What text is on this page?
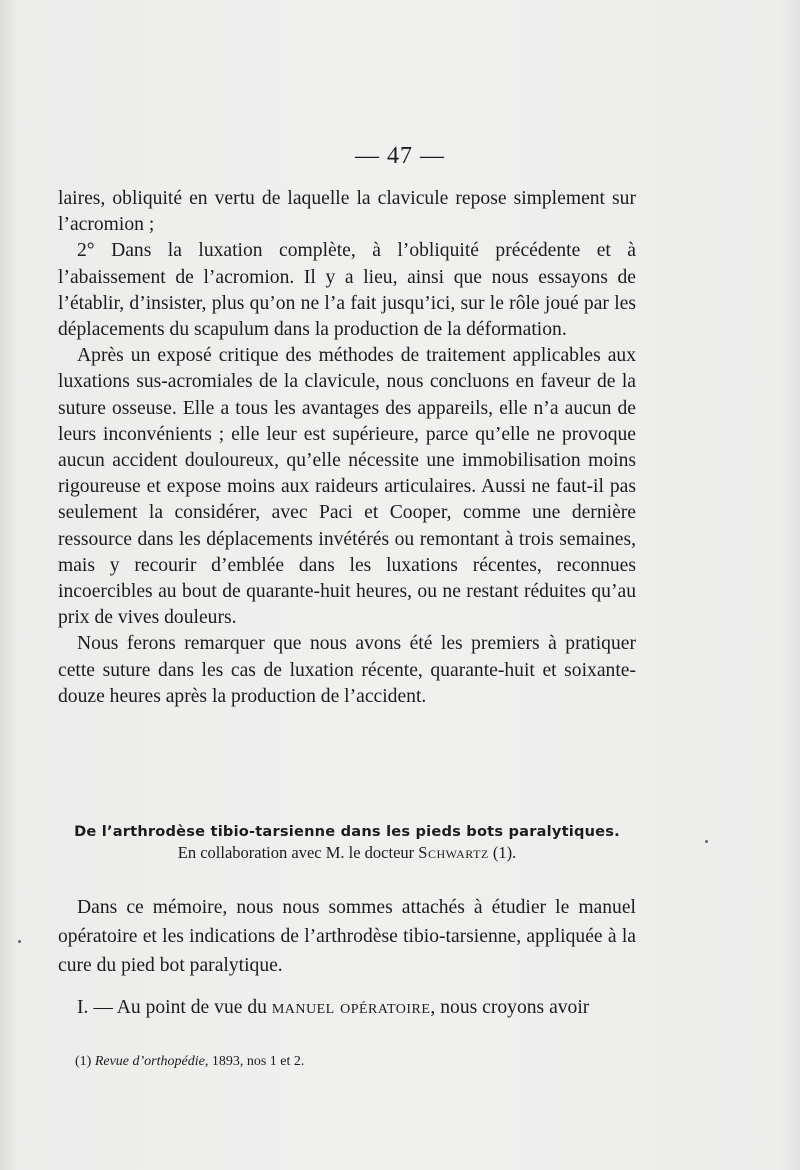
— 47 —

laires, obliquité en vertu de laquelle la clavicule repose simplement sur l’acromion ;

2° Dans la luxation complète, à l’obliquité précédente et à l’abaissement de l’acromion. Il y a lieu, ainsi que nous essayons de l’établir, d’insister, plus qu’on ne l’a fait jusqu’ici, sur le rôle joué par les déplacements du scapulum dans la production de la déformation.

Après un exposé critique des méthodes de traitement applicables aux luxations sus-acromiales de la clavicule, nous concluons en faveur de la suture osseuse. Elle a tous les avantages des appareils, elle n’a aucun de leurs inconvénients ; elle leur est supérieure, parce qu’elle ne provoque aucun accident douloureux, qu’elle nécessite une immobilisation moins rigoureuse et expose moins aux raideurs articulaires. Aussi ne faut-il pas seulement la considérer, avec Paci et Cooper, comme une dernière ressource dans les déplacements invétérés ou remontant à trois semaines, mais y recourir d’emblée dans les luxations récentes, reconnues incoercibles au bout de quarante-huit heures, ou ne restant réduites qu’au prix de vives douleurs.

Nous ferons remarquer que nous avons été les premiers à pratiquer cette suture dans les cas de luxation récente, quarante-huit et soixante-douze heures après la production de l’accident.

De l’arthrodèse tibio-tarsienne dans les pieds bots paralytiques.
En collaboration avec M. le docteur Schwartz (1).

Dans ce mémoire, nous nous sommes attachés à étudier le manuel opératoire et les indications de l’arthrodèse tibio-tarsienne, appliquée à la cure du pied bot paralytique.

I. — Au point de vue du manuel opératoire, nous croyons avoir

(1) Revue d’orthopédie, 1893, nos 1 et 2.
